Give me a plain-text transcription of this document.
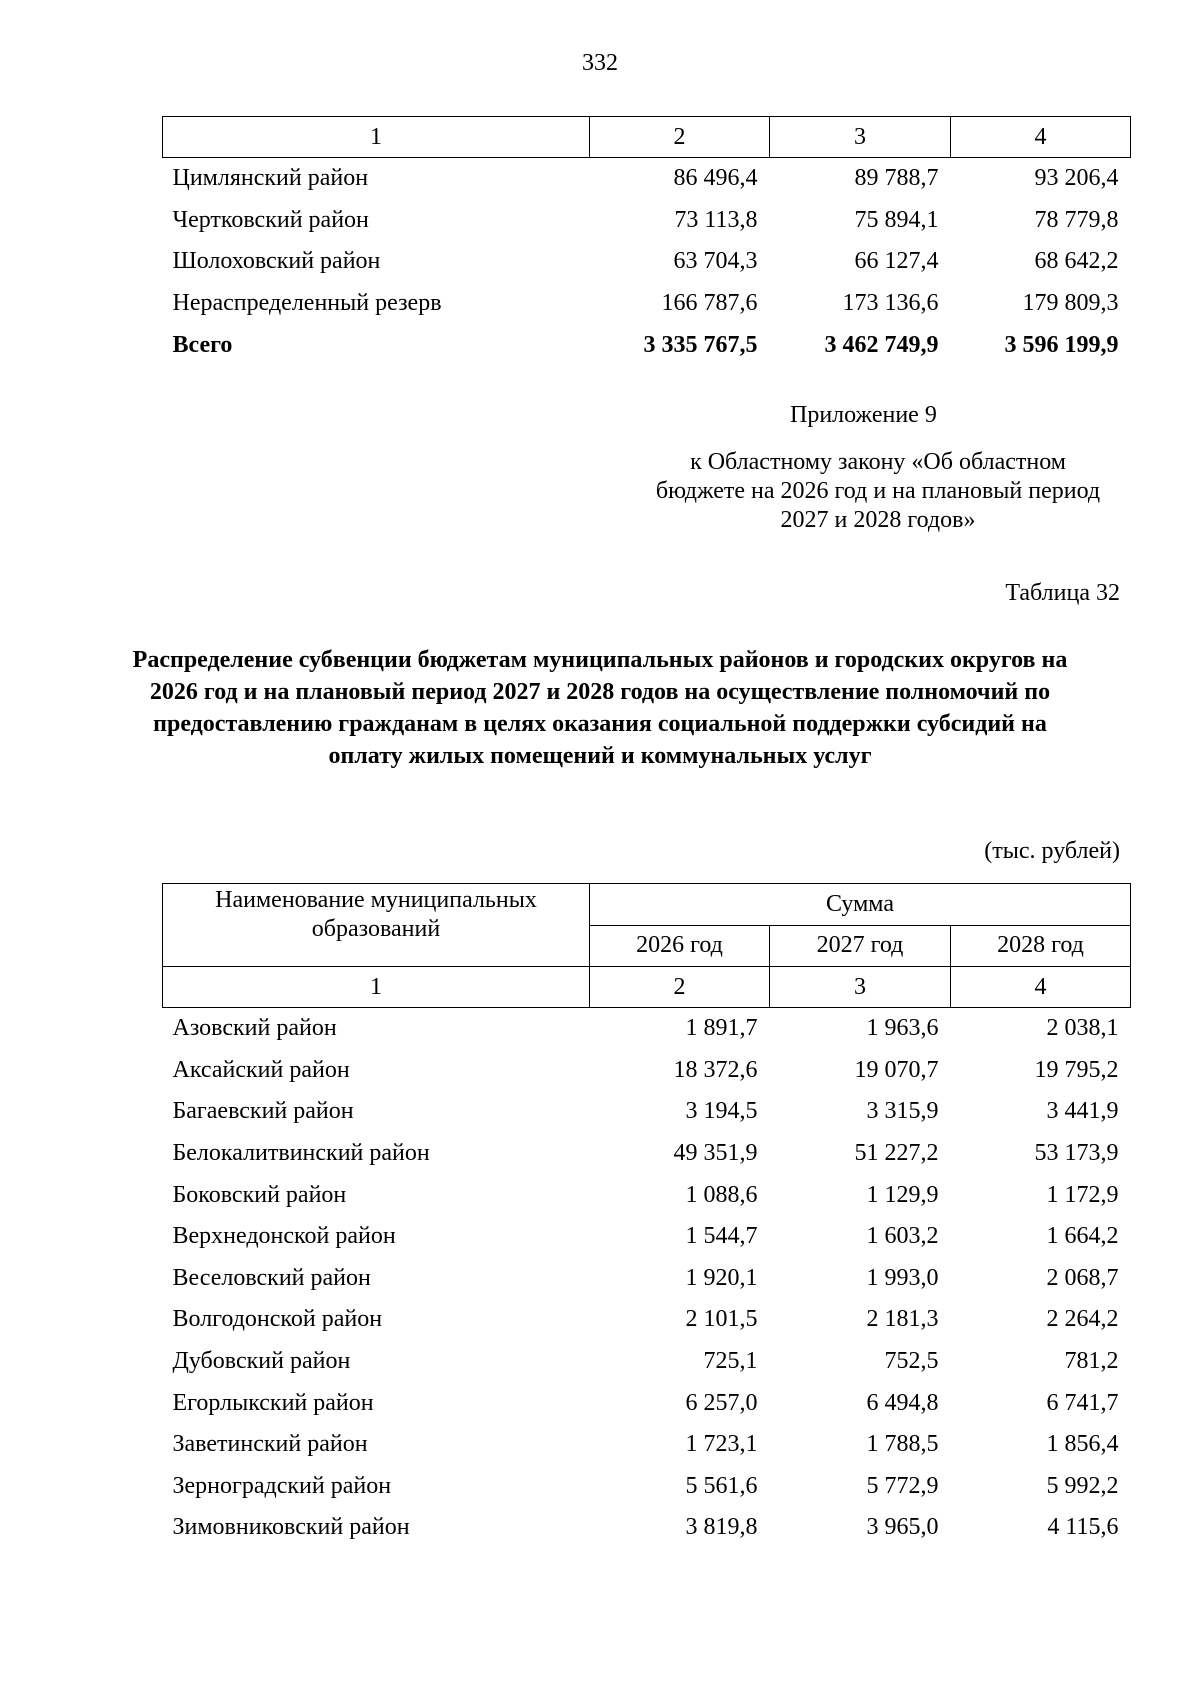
332
1	2	3	4
Цимлянский район	86 496,4	89 788,7	93 206,4
Чертковский район	73 113,8	75 894,1	78 779,8
Шолоховский район	63 704,3	66 127,4	68 642,2
Нераспределенный резерв	166 787,6	173 136,6	179 809,3
Всего	3 335 767,5	3 462 749,9	3 596 199,9
Приложение 9
к Областному закону «Об областном бюджете на 2026 год и на плановый период 2027 и 2028 годов»
Таблица 32
Распределение субвенции бюджетам муниципальных районов и городских округов на 2026 год и на плановый период 2027 и 2028 годов на осуществление полномочий по предоставлению гражданам в целях оказания социальной поддержки субсидий на оплату жилых помещений и коммунальных услуг
(тыс. рублей)
Наименование муниципальных образований	Сумма		
	2026 год	2027 год	2028 год
1	2	3	4
Азовский район	1 891,7	1 963,6	2 038,1
Аксайский район	18 372,6	19 070,7	19 795,2
Багаевский район	3 194,5	3 315,9	3 441,9
Белокалитвинский район	49 351,9	51 227,2	53 173,9
Боковский район	1 088,6	1 129,9	1 172,9
Верхнедонской район	1 544,7	1 603,2	1 664,2
Веселовский район	1 920,1	1 993,0	2 068,7
Волгодонской район	2 101,5	2 181,3	2 264,2
Дубовский район	725,1	752,5	781,2
Егорлыкский район	6 257,0	6 494,8	6 741,7
Заветинский район	1 723,1	1 788,5	1 856,4
Зерноградский район	5 561,6	5 772,9	5 992,2
Зимовниковский район	3 819,8	3 965,0	4 115,6
